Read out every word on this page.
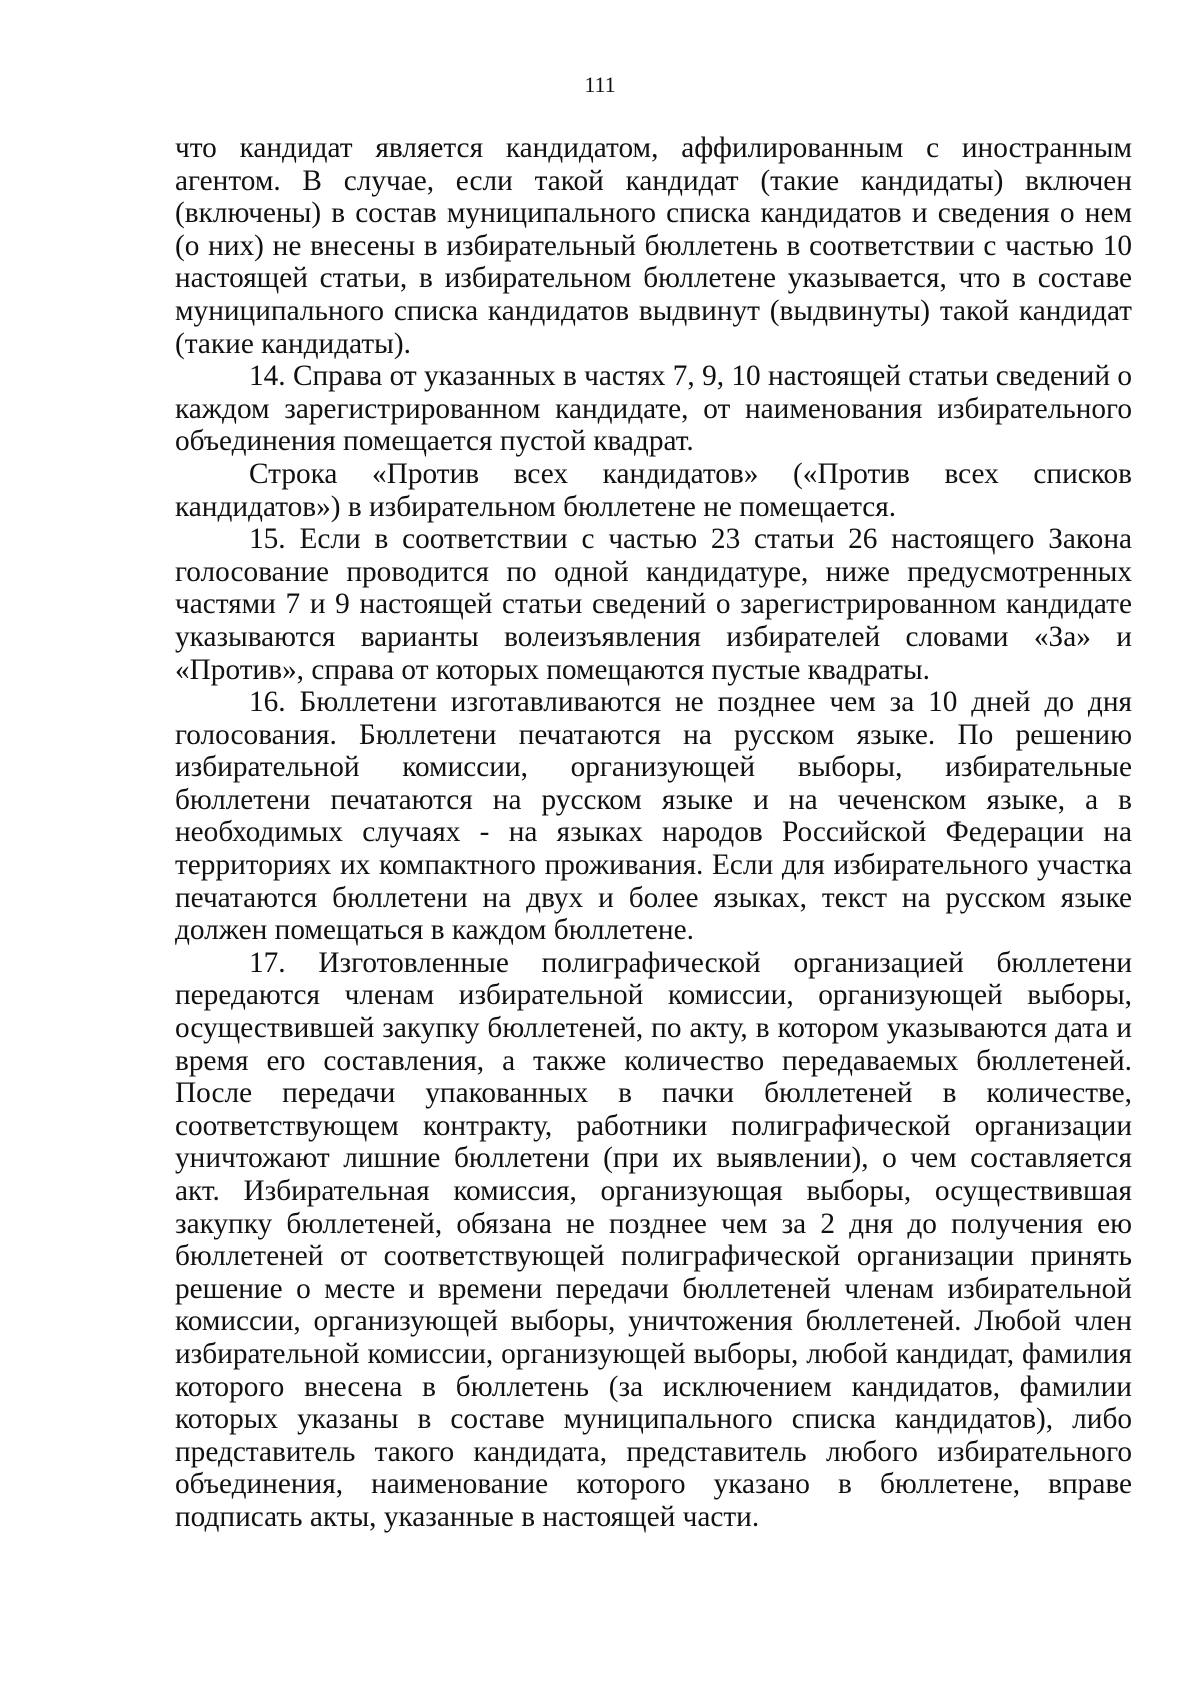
111

что кандидат является кандидатом, аффилированным с иностранным агентом. В случае, если такой кандидат (такие кандидаты) включен (включены) в состав муниципального списка кандидатов и сведения о нем (о них) не внесены в избирательный бюллетень в соответствии с частью 10 настоящей статьи, в избирательном бюллетене указывается, что в составе муниципального списка кандидатов выдвинут (выдвинуты) такой кандидат (такие кандидаты).

14. Справа от указанных в частях 7, 9, 10 настоящей статьи сведений о каждом зарегистрированном кандидате, от наименования избирательного объединения помещается пустой квадрат.

Строка «Против всех кандидатов» («Против всех списков кандидатов») в избирательном бюллетене не помещается.

15. Если в соответствии с частью 23 статьи 26 настоящего Закона голосование проводится по одной кандидатуре, ниже предусмотренных частями 7 и 9 настоящей статьи сведений о зарегистрированном кандидате указываются варианты волеизъявления избирателей словами «За» и «Против», справа от которых помещаются пустые квадраты.

16. Бюллетени изготавливаются не позднее чем за 10 дней до дня голосования. Бюллетени печатаются на русском языке. По решению избирательной комиссии, организующей выборы, избирательные бюллетени печатаются на русском языке и на чеченском языке, а в необходимых случаях - на языках народов Российской Федерации на территориях их компактного проживания. Если для избирательного участка печатаются бюллетени на двух и более языках, текст на русском языке должен помещаться в каждом бюллетене.

17. Изготовленные полиграфической организацией бюллетени передаются членам избирательной комиссии, организующей выборы, осуществившей закупку бюллетеней, по акту, в котором указываются дата и время его составления, а также количество передаваемых бюллетеней. После передачи упакованных в пачки бюллетеней в количестве, соответствующем контракту, работники полиграфической организации уничтожают лишние бюллетени (при их выявлении), о чем составляется акт. Избирательная комиссия, организующая выборы, осуществившая закупку бюллетеней, обязана не позднее чем за 2 дня до получения ею бюллетеней от соответствующей полиграфической организации принять решение о месте и времени передачи бюллетеней членам избирательной комиссии, организующей выборы, уничтожения бюллетеней. Любой член избирательной комиссии, организующей выборы, любой кандидат, фамилия которого внесена в бюллетень (за исключением кандидатов, фамилии которых указаны в составе муниципального списка кандидатов), либо представитель такого кандидата, представитель любого избирательного объединения, наименование которого указано в бюллетене, вправе подписать акты, указанные в настоящей части.
